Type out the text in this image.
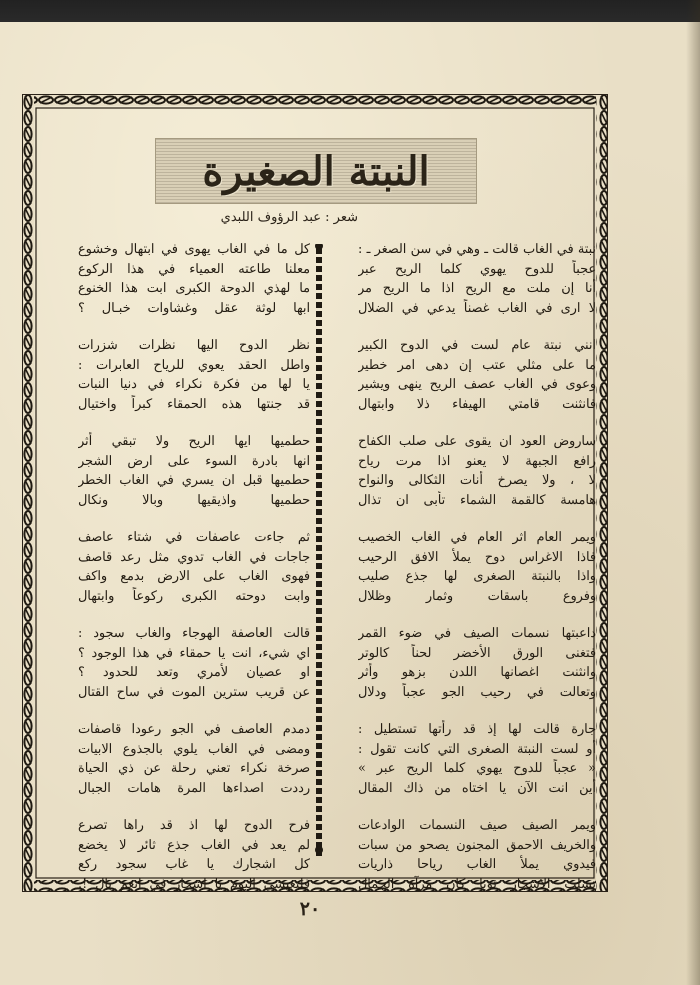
النبتة الصغيرة
شعر : عبد الرؤوف اللبدي
نبتة في الغاب قالت ـ وهي في سن الصغر ـ :
عجباً للدوح يهوي كلما الريح عبر
أنا إن ملت مع الريح اذا ما الريح مر
لا ارى في الغاب غصناً يدعي في الضلال
انني نبتة عام لست في الدوح الكبير
ما على مثلي عتب إن دهى امر خطير
وعوى في الغاب عصف الريح ينهى ويشير
فانثنت قامتي الهيفاء ذلا وابتهال
ساروض العود ان يقوى على صلب الكفاح
رافع الجبهة لا يعنو اذا مرت رياح
لا ، ولا يصرخ أنات الثكالى والنواح
هامسة كالقمة الشماء تأبى ان تذال
ويمر العام اثر العام في الغاب الخصيب
فاذا الاغراس دوح يملأ الافق الرحيب
واذا بالنبتة الصغرى لها جذع صليب
وفروع باسقات وثمار وظلال
داعبتها نسمات الصيف في ضوء القمر
فتغنى الورق الأخضر لحناً كالوتر
وانثنت اغصانها اللدن بزهو وأثر
وتعالت في رحيب الجو عجباً ودلال
جارة قالت لها إذ قد رأتها تستطيل :
أو لست النبتة الصغرى التي كانت تقول :
« عجباً للدوح يهوي كلما الريح عبر »
أين انت الآن يا اختاه من ذاك المقال
ويمر الصيف صيف النسمات الوادعات
والخريف الاحمق المجنون يصحو من سبات
فيدوي يملأ الغاب رياحا ذاريات
تسلب الاشجار ثوبا كان مرآة الجمال
كل ما في الغاب يهوى في ابتهال وخشوع
معلنا طاعته العمياء في هذا الركوع
ما لهذي الدوحة الكبرى ابت هذا الخنوع
ابها لوثة عقل وغشاوات خبـال ؟
نظر الدوح اليها نظرات شزرات
واطل الحقد يعوي للرياح العابرات :
يا لها من فكرة نكراء في دنيا النبات
قد جنتها هذه الحمقاء كبراً واختيال
حطميها ايها الريح ولا تبقي أثر
انها بادرة السوء على ارض الشجر
حطميها قبل ان يسري في الغاب الخطر
حطميها واذيقيها وبالا ونكال
ثم جاءت عاصفات في شتاء عاصف
جاجات في الغاب تدوي مثل رعد قاصف
فهوى الغاب على الارض بدمع واكف
وابت دوحته الكبرى ركوعاً وابتهال
قالت العاصفة الهوجاء والغاب سجود :
اي شيء، انت يا حمقاء في هذا الوجود ؟
او عصيان لأمري وتعد للحدود ؟
عن قريب سترين الموت في ساح القتال
دمدم العاصف في الجو رعودا قاصفات
ومضى في الغاب يلوي بالجذوع الابيات
صرخة نكراء تعني رحلة عن ذي الحياة
رددت اصداءها المرة هامات الجبال
فرح الدوح لها اذ قد راها تصرع
لم يعد في الغاب جذع ثائر لا يخضع
كل اشجارك يا غاب سجود ركع
فلتعيشي اليوم يا اشجار في انعم بال !.
٢٠
